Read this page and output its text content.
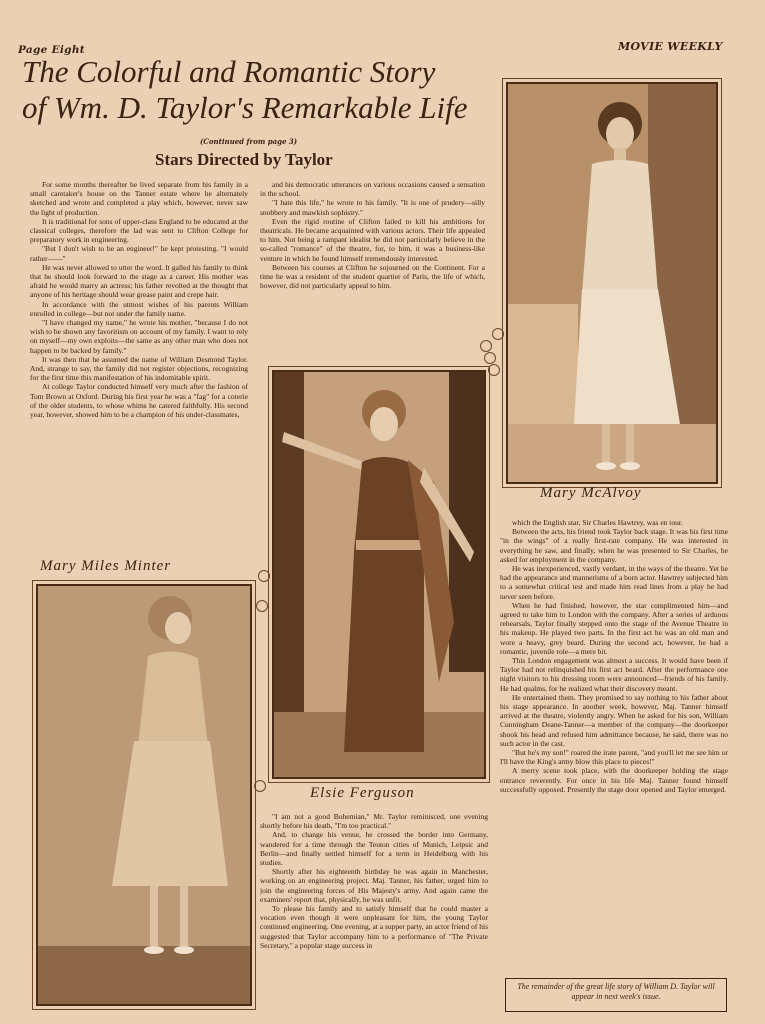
Page Eight	MOVIE WEEKLY
The Colorful and Romantic Story
of Wm. D. Taylor's Remarkable Life
(Continued from page 3)
Stars Directed by Taylor

For some months thereafter he lived separate from his family in a small caretaker's house on the Tanner estate where he alternately sketched and wrote and completed a play which, however, never saw the light of production.

It is traditional for sons of upper-class England to be educated at the classical colleges, therefore the lad was sent to Clifton College for preparatory work in engineering.

"But I don't wish to be an engineer!" he kept protesting. "I would rather——"

He was never allowed to utter the word. It galled his family to think that he should look forward to the stage as a career. His mother was afraid he would marry an actress; his father revolted at the thought that anyone of his heritage should wear grease paint and crepe hair.

In accordance with the utmost wishes of his parents William enrolled in college—but not under the family name.

"I have changed my name," he wrote his mother, "because I do not wish to be shown any favoritism on account of my family. I want to rely on myself—my own exploits—the same as any other man who does not happen to be backed by family."

It was then that he assumed the name of William Desmond Taylor. And, strange to say, the family did not register objections, recognizing for the first time this manifestation of his indomitable spirit.

At college Taylor conducted himself very much after the fashion of Tom Brown at Oxford. During his first year he was a "fag" for a coterie of the older students, to whose whims he catered faithfully. His second year, however, showed him to be a champion of his under-classmates,

and his democratic utterances on various occasions caused a sensation in the school.

"I hate this life," he wrote to his family. "It is one of prudery—silly snobbery and mawkish sophistry."

Even the rigid routine of Clifton failed to kill his ambitions for theatricals. He became acquainted with various actors. Their life appealed to him. Not being a rampant idealist he did not particularly believe in the so-called "romance" of the theatre, for, to him, it was a business-like venture in which he found himself tremendously interested.

Between his courses at Clifton he sojourned on the Continent. For a time he was a resident of the student quartier of Paris, the life of which, however, did not particularly appeal to him.

Mary McAlvoy
Elsie Ferguson
Mary Miles Minter

"I am not a good Bohemian," Mr. Taylor reminisced, one evening shortly before his death, "I'm too practical."

And, to change his venue, he crossed the border into Germany, wandered for a time through the Teuton cities of Munich, Leipsic and Berlin—and finally settled himself for a term in Heidelburg with his studies.

Shortly after his eighteenth birthday he was again in Manchester, working on an engineering project. Maj. Tanner, his father, urged him to join the engineering forces of His Majesty's army. And again came the examiners' report that, physically, he was unfit.

To please his family and to satisfy himself that he could master a vocation even though it were unpleasant for him, the young Taylor continued engineering. One evening, at a supper party, an actor friend of his suggested that Taylor accompany him to a performance of "The Private Secretary," a popular stage success in

which the English star, Sir Charles Hawtrey, was en tour.

Between the acts, his friend took Taylor back stage. It was his first time "in the wings" of a really first-rate company. He was interested in everything he saw, and finally, when he was presented to Sir Charles, he asked for employment in the company.

He was inexperienced, vastly verdant, in the ways of the theatre. Yet he had the appearance and mannerisms of a born actor. Hawtrey subjected him to a somewhat critical test and made him read lines from a play he had never seen before.

When he had finished, however, the star complimented him—and agreed to take him to London with the company. After a series of arduous rehearsals, Taylor finally stepped onto the stage of the Avenue Theatre in his makeup. He played two parts. In the first act he was an old man and wore a heavy, grey beard. During the second act, however, he had a romantic, juvenile role—a mere bit.

This London engagement was almost a success. It would have been if Taylor had not relinquished his first act beard. After the performance one night visitors to his dressing room were announced—friends of his family. He had qualms, for he realized what their discovery meant.

He entertained them. They promised to say nothing to his father about his stage appearance. In another week, however, Maj. Tanner himself arrived at the theatre, violently angry. When he asked for his son, William Cunningham Deane-Tanner—a member of the company—the doorkeeper shook his head and refused him admittance because, he said, there was no such actor in the cast.

"But he's my son!" roared the irate parent, "and you'll let me see him or I'll have the King's army blow this place to pieces!"

A merry scene took place, with the doorkeeper holding the stage entrance reverently. For once in his life Maj. Tanner found himself successfully opposed. Presently the stage door opened and Taylor emerged.

The remainder of the great life story of William D. Taylor will appear in next week's issue.
